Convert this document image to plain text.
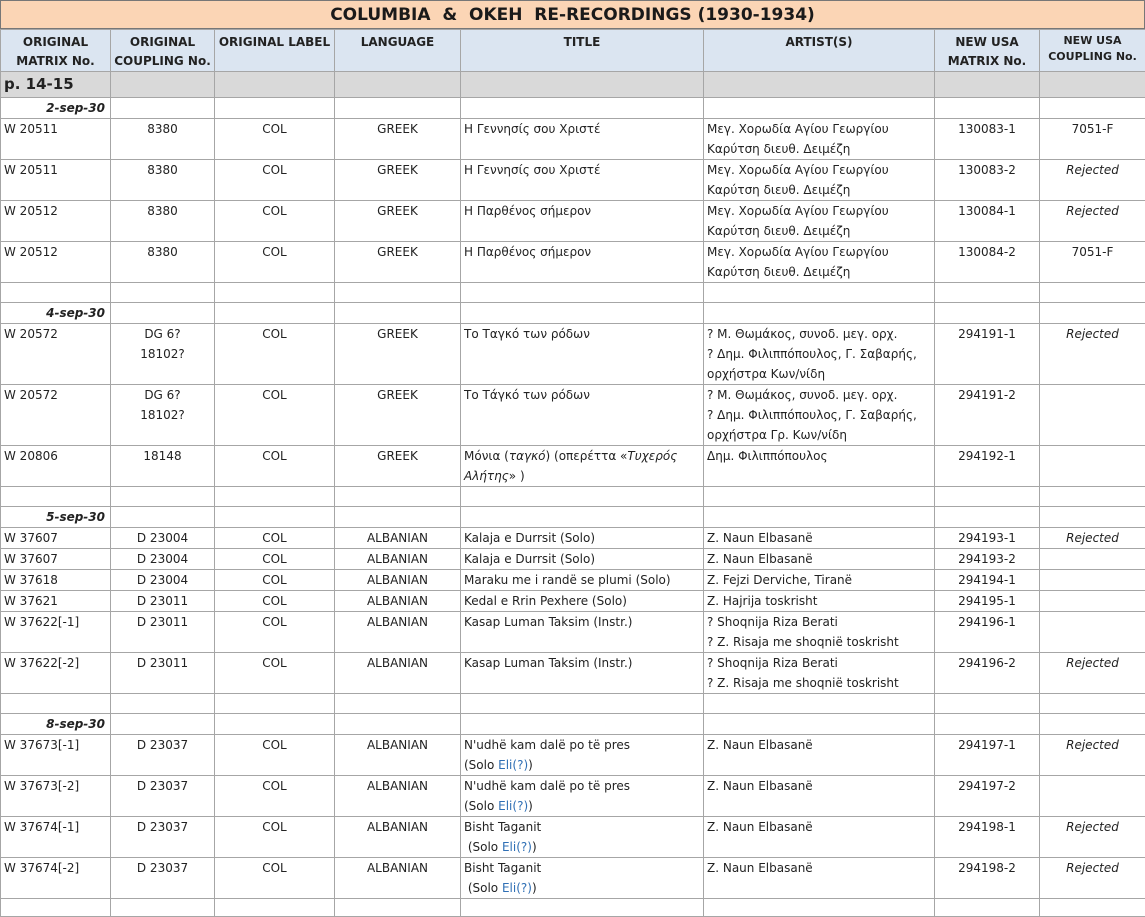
COLUMBIA  &  OKEH  RE-RECORDINGS (1930-1934)
ORIGINAL MATRIX No.	ORIGINAL COUPLING No.	ORIGINAL LABEL	LANGUAGE	TITLE	ARTIST(S)	NEW USA MATRIX No.	NEW USA COUPLING No.
p. 14-15							
2-sep-30							
W 20511	8380	COL	GREEK	Η Γεννησίς σου Χριστέ	Μεγ. Χορωδία Αγίου Γεωργίου
Καρύτση διευθ. Δειμέζη	130083-1	7051-F
W 20511	8380	COL	GREEK	Η Γεννησίς σου Χριστέ	Μεγ. Χορωδία Αγίου Γεωργίου
Καρύτση διευθ. Δειμέζη	130083-2	Rejected
W 20512	8380	COL	GREEK	Η Παρθένος σήμερον	Μεγ. Χορωδία Αγίου Γεωργίου
Καρύτση διευθ. Δειμέζη	130084-1	Rejected
W 20512	8380	COL	GREEK	Η Παρθένος σήμερον	Μεγ. Χορωδία Αγίου Γεωργίου
Καρύτση διευθ. Δειμέζη	130084-2	7051-F

4-sep-30							
W 20572	DG 6?
18102?	COL	GREEK	Το Ταγκό των ρόδων	? Μ. Θωμάκος, συνοδ. μεγ. ορχ.
? Δημ. Φιλιππόπουλος, Γ. Σαβαρής,
ορχήστρα Κων/νίδη	294191-1	Rejected
W 20572	DG 6?
18102?	COL	GREEK	Το Τάγκό των ρόδων	? Μ. Θωμάκος, συνοδ. μεγ. ορχ.
? Δημ. Φιλιππόπουλος, Γ. Σαβαρής,
ορχήστρα Γρ. Κων/νίδη	294191-2	
W 20806	18148	COL	GREEK	Μόνια (ταγκό) (οπερέττα «Τυχερός
Αλήτης» )	Δημ. Φιλιππόπουλος	294192-1	

5-sep-30							
W 37607	D 23004	COL	ALBANIAN	Kalaja e Durrsit (Solo)	Z. Naun Elbasanë	294193-1	Rejected
W 37607	D 23004	COL	ALBANIAN	Kalaja e Durrsit (Solo)	Z. Naun Elbasanë	294193-2	
W 37618	D 23004	COL	ALBANIAN	Maraku me i randë se plumi (Solo)	Z. Fejzi Derviche, Tiranë	294194-1	
W 37621	D 23011	COL	ALBANIAN	Kedal e Rrin Pexhere (Solo)	Z. Hajrija toskrisht	294195-1	
W 37622[-1]	D 23011	COL	ALBANIAN	Kasap Luman Taksim (Instr.)	? Shoqnija Riza Berati
? Z. Risaja me shoqnië toskrisht	294196-1	
W 37622[-2]	D 23011	COL	ALBANIAN	Kasap Luman Taksim (Instr.)	? Shoqnija Riza Berati
? Z. Risaja me shoqnië toskrisht	294196-2	Rejected

8-sep-30							
W 37673[-1]	D 23037	COL	ALBANIAN	N'udhë kam dalë po të pres
(Solo Eli(?))	Z. Naun Elbasanë	294197-1	Rejected
W 37673[-2]	D 23037	COL	ALBANIAN	N'udhë kam dalë po të pres
(Solo Eli(?))	Z. Naun Elbasanë	294197-2	
W 37674[-1]	D 23037	COL	ALBANIAN	Bisht Taganit
(Solo Eli(?))	Z. Naun Elbasanë	294198-1	Rejected
W 37674[-2]	D 23037	COL	ALBANIAN	Bisht Taganit
(Solo Eli(?))	Z. Naun Elbasanë	294198-2	Rejected
